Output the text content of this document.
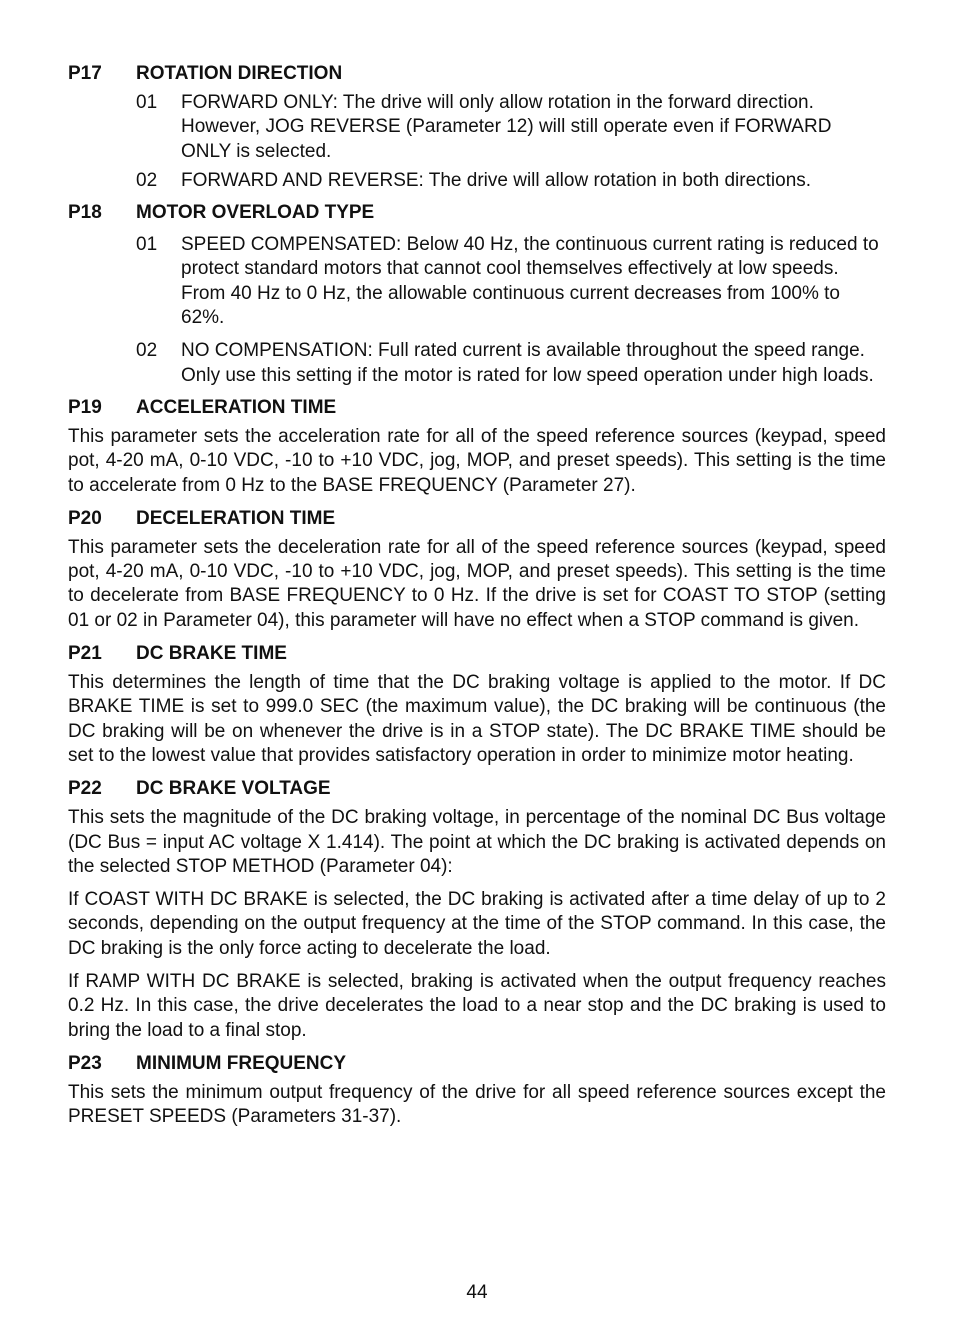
P17	ROTATION DIRECTION
01	FORWARD ONLY: The drive will only allow rotation in the forward direction. However, JOG REVERSE (Parameter 12) will still operate even if FORWARD ONLY is selected.
02	FORWARD AND REVERSE: The drive will allow rotation in both directions.
P18	MOTOR OVERLOAD TYPE
01	SPEED COMPENSATED: Below 40 Hz, the continuous current rating is reduced to protect standard motors that cannot cool themselves effectively at low speeds. From 40 Hz to 0 Hz, the allowable continuous current decreases from 100% to 62%.
02	NO COMPENSATION: Full rated current is available throughout the speed range. Only use this setting if the motor is rated for low speed operation under high loads.
P19	ACCELERATION TIME
This parameter sets the acceleration rate for all of the speed reference sources (keypad, speed pot, 4-20 mA, 0-10 VDC, -10 to +10 VDC, jog, MOP, and preset speeds). This setting is the time to accelerate from 0 Hz to the BASE FREQUENCY (Parameter 27).
P20	DECELERATION TIME
This parameter sets the deceleration rate for all of the speed reference sources (keypad, speed pot, 4-20 mA, 0-10 VDC, -10 to +10 VDC, jog, MOP, and preset speeds). This setting is the time to decelerate from BASE FREQUENCY to 0 Hz. If the drive is set for COAST TO STOP (setting 01 or 02 in Parameter 04), this parameter will have no effect when a STOP command is given.
P21	DC BRAKE TIME
This determines the length of time that the DC braking voltage is applied to the motor. If DC BRAKE TIME is set to 999.0 SEC (the maximum value), the DC braking will be continuous (the DC braking will be on whenever the drive is in a STOP state). The DC BRAKE TIME should be set to the lowest value that provides satisfactory operation in order to minimize motor heating.
P22	DC BRAKE VOLTAGE
This sets the magnitude of the DC braking voltage, in percentage of the nominal DC Bus voltage (DC Bus = input AC voltage X 1.414). The point at which the DC braking is activated depends on the selected STOP METHOD (Parameter 04):
If COAST WITH DC BRAKE is selected, the DC braking is activated after a time delay of up to 2 seconds, depending on the output frequency at the time of the STOP command. In this case, the DC braking is the only force acting to decelerate the load.
If RAMP WITH DC BRAKE is selected, braking is activated when the output frequency reaches 0.2 Hz. In this case, the drive decelerates the load to a near stop and the DC braking is used to bring the load to a final stop.
P23	MINIMUM FREQUENCY
This sets the minimum output frequency of the drive for all speed reference sources except the PRESET SPEEDS (Parameters 31-37).
44
